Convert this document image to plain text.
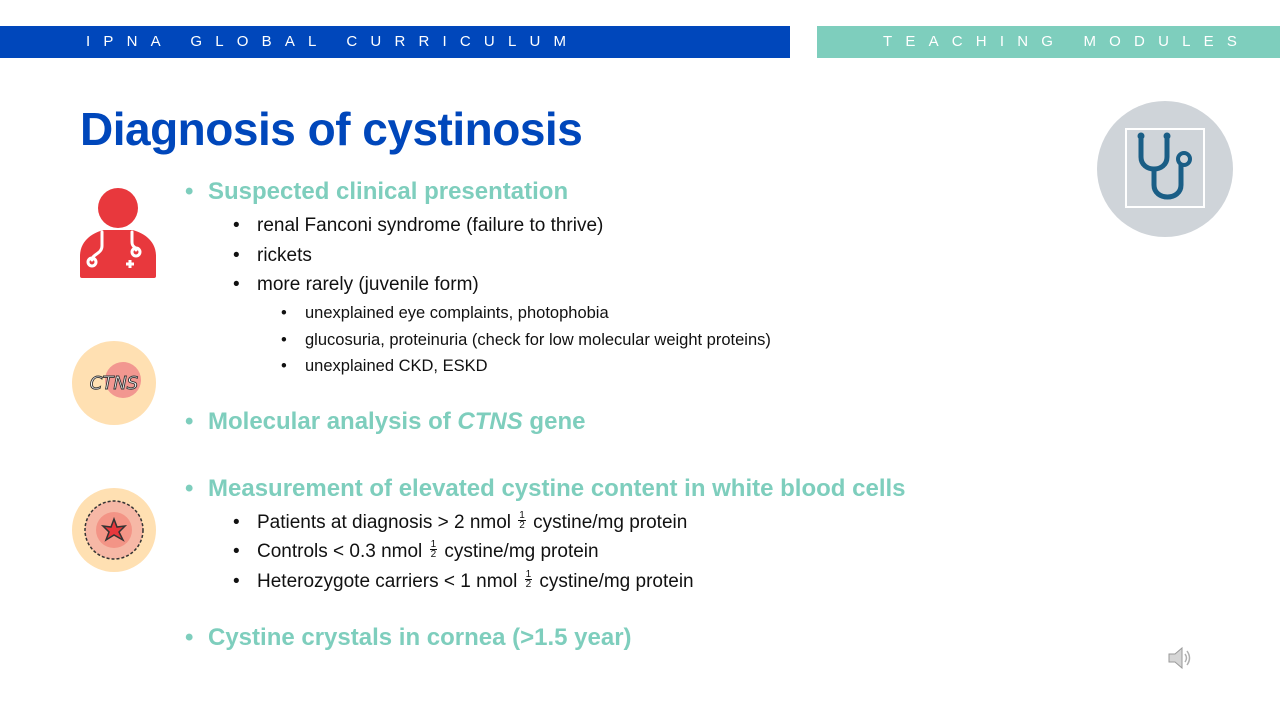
IPNA GLOBAL CURRICULUM	TEACHING MODULES
Diagnosis of cystinosis
CTNS
• Suspected clinical presentation
• renal Fanconi syndrome (failure to thrive)
• rickets
• more rarely (juvenile form)
• unexplained eye complaints, photophobia
• glucosuria, proteinuria (check for low molecular weight proteins)
• unexplained CKD, ESKD
• Molecular analysis of CTNS gene
• Measurement of elevated cystine content in white blood cells
• Patients at diagnosis > 2 nmol $\frac{1}{2}$ cystine/mg protein
• Controls < 0.3 nmol $\frac{1}{2}$ cystine/mg protein
• Heterozygote carriers < 1 nmol $\frac{1}{2}$ cystine/mg protein
• Cystine crystals in cornea (>1.5 year)
